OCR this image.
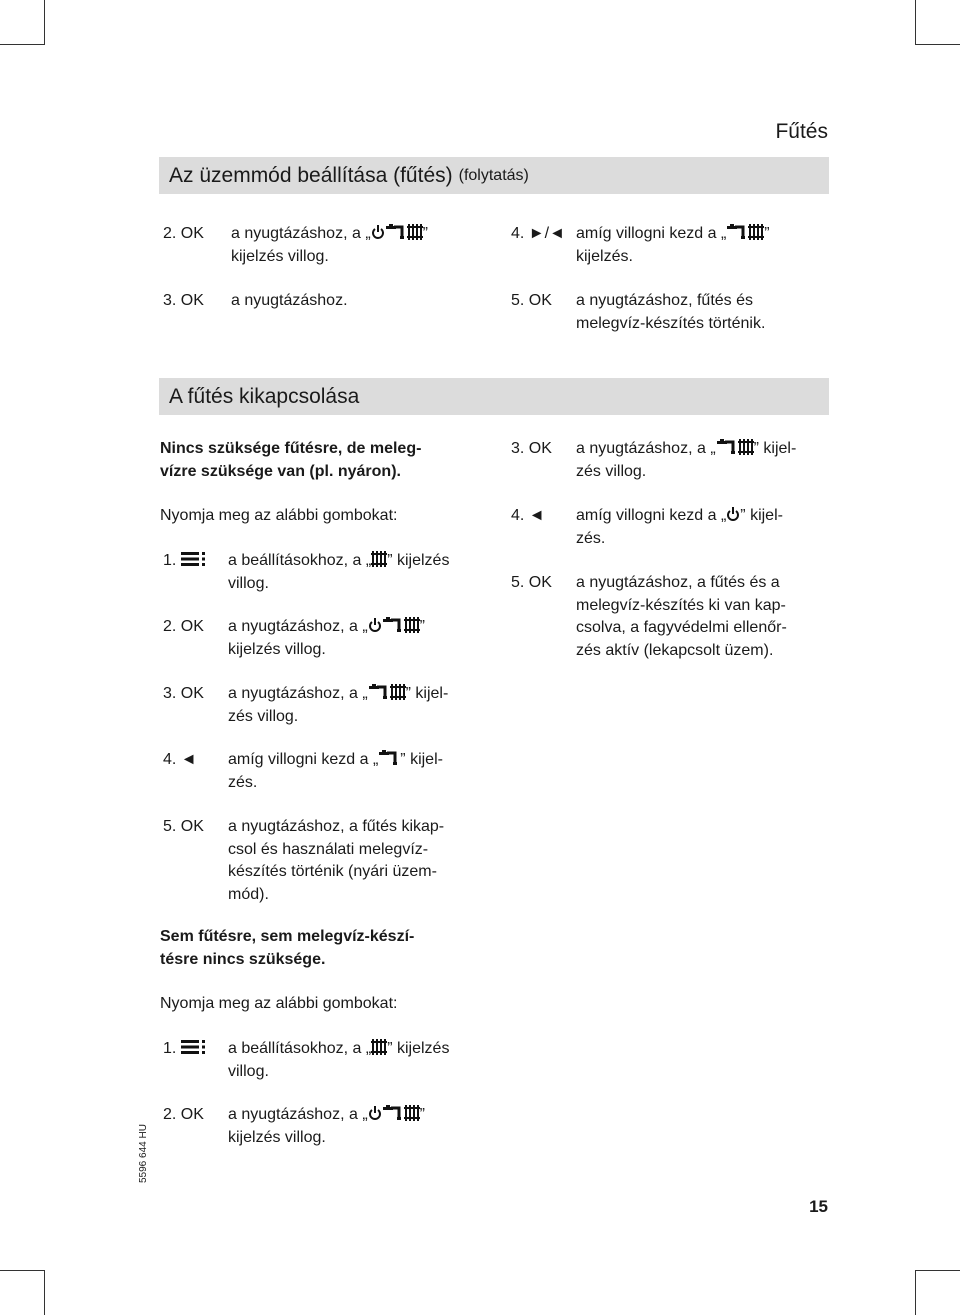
Fűtés
Az üzemmód beállítása (fűtés) (folytatás)
2. OK a nyugtázáshoz, a „	”
kijelzés villog.
3. OK a nyugtázáshoz.
4. ►/◄ amíg villogni kezd a „ ”
kijelzés.
5. OK a nyugtázáshoz, fűtés és
melegvíz-készítés történik.
A fűtés kikapcsolása
Nincs szüksége fűtésre, de meleg-
vízre szüksége van (pl. nyáron).
Nyomja meg az alábbi gombokat:
1.	a beállításokhoz, a „ ” kijelzés
villog.
2. OK a nyugtázáshoz, a „	”
kijelzés villog.
3. OK a nyugtázáshoz, a „ ” kijel-
zés villog.
4. ◄ amíg villogni kezd a „ ” kijel-
zés.
5. OK a nyugtázáshoz, a fűtés kikap-
csol és használati melegvíz-
készítés történik (nyári üzem-
mód).
Sem fűtésre, sem melegvíz-készí-
tésre nincs szüksége.
Nyomja meg az alábbi gombokat:
1.	a beállításokhoz, a „ ” kijelzés
villog.
2. OK a nyugtázáshoz, a „	”
kijelzés villog.
3. OK a nyugtázáshoz, a „ ” kijel-
zés villog.
4. ◄ amíg villogni kezd a „ ” kijel-
zés.
5. OK a nyugtázáshoz, a fűtés és a
melegvíz-készítés ki van kap-
csolva, a fagyvédelmi ellenőr-
zés aktív (lekapcsolt üzem).
5596 644 HU
15
